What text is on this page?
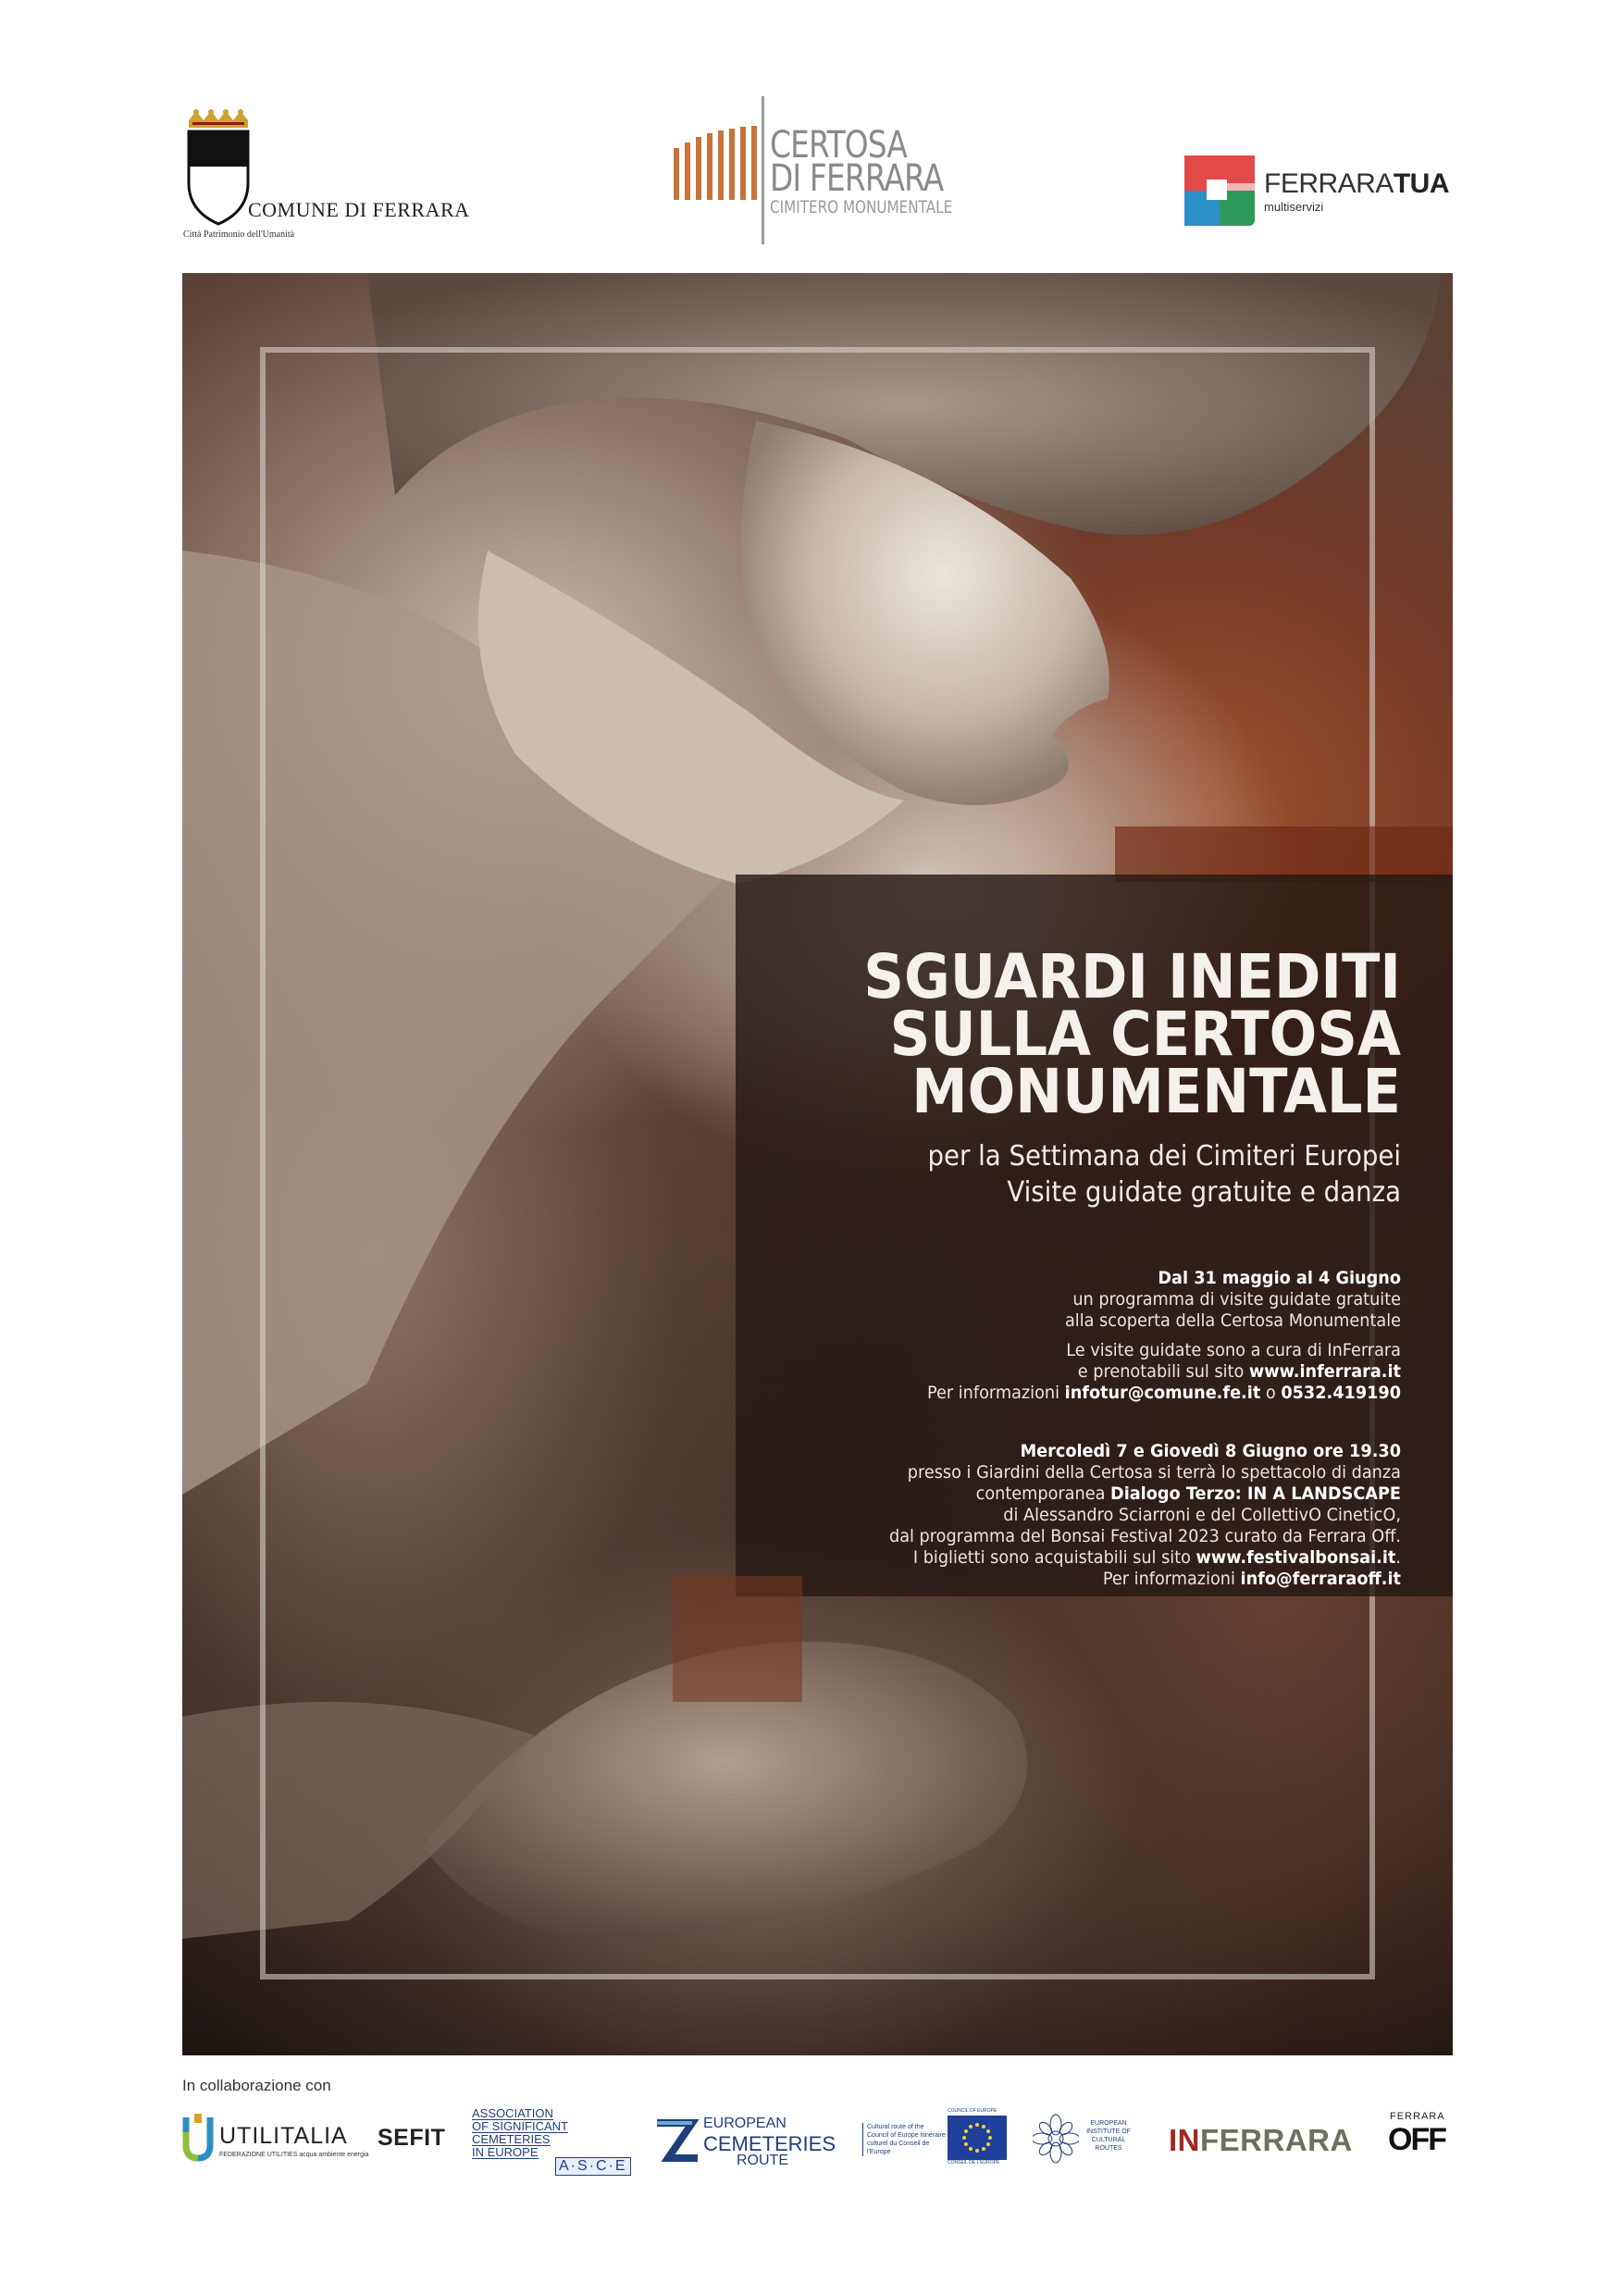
COMUNE DI FERRARA
Città Patrimonio dell'Umanità
CERTOSA
DI FERRARA
CIMITERO MONUMENTALE
FERRARATUA
multiservizi
SGUARDI INEDITI
SULLA CERTOSA
MONUMENTALE
per la Settimana dei Cimiteri Europei
Visite guidate gratuite e danza
Dal 31 maggio al 4 Giugno
un programma di visite guidate gratuite
alla scoperta della Certosa Monumentale
Le visite guidate sono a cura di InFerrara
e prenotabili sul sito www.inferrara.it
Per informazioni infotur@comune.fe.it o 0532.419190
Mercoledì 7 e Giovedì 8 Giugno ore 19.30
presso i Giardini della Certosa si terrà lo spettacolo di danza
contemporanea Dialogo Terzo: IN A LANDSCAPE
di Alessandro Sciarroni e del CollettivO CineticO,
dal programma del Bonsai Festival 2023 curato da Ferrara Off.
I biglietti sono acquistabili sul sito www.festivalbonsai.it.
Per informazioni info@ferraraoff.it
In collaborazione con
UTILITALIA
FEDERAZIONE UTILITIES acqua ambiente energia
SEFIT
ASSOCIATION
OF SIGNIFICANT
CEMETERIES
IN EUROPE
A·S·C·E
EUROPEAN
CEMETERIES
ROUTE
Cultural route of the Council of Europe Itinéraire culturel du Conseil de l'Europe
COUNCIL OF EUROPE
CONSEIL DE L'EUROPE
EUROPEAN INSTITUTE OF CULTURAL ROUTES	INFERRARA
FERRARA
OFF
